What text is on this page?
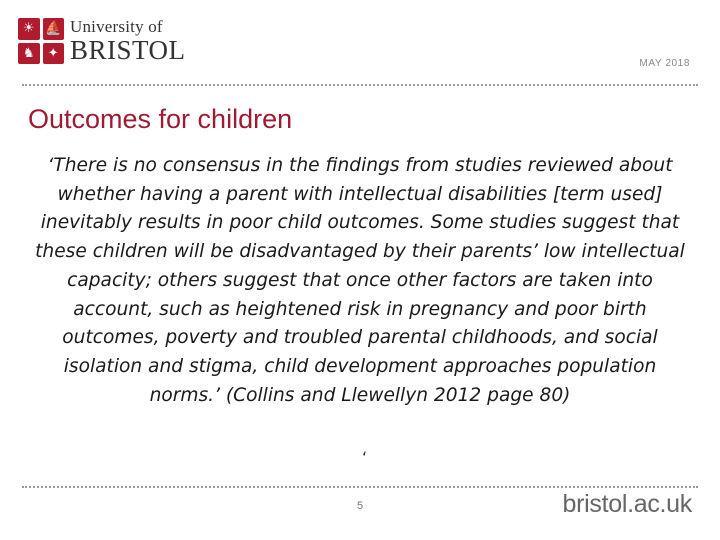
☀ ⛵
♞	✦
University of
BRISTOL	MAY 2018
Outcomes for children

‘There is no consensus in the findings from studies reviewed about whether having a parent with intellectual disabilities [term used] inevitably results in poor child outcomes. Some studies suggest that these children will be disadvantaged by their parents’ low intellectual capacity; others suggest that once other factors are taken into account, such as heightened risk in pregnancy and poor birth outcomes, poverty and troubled parental childhoods, and social isolation and stigma, child development approaches population norms.’ (Collins and Llewellyn 2012 page 80)

‘
5	bristol.ac.uk
